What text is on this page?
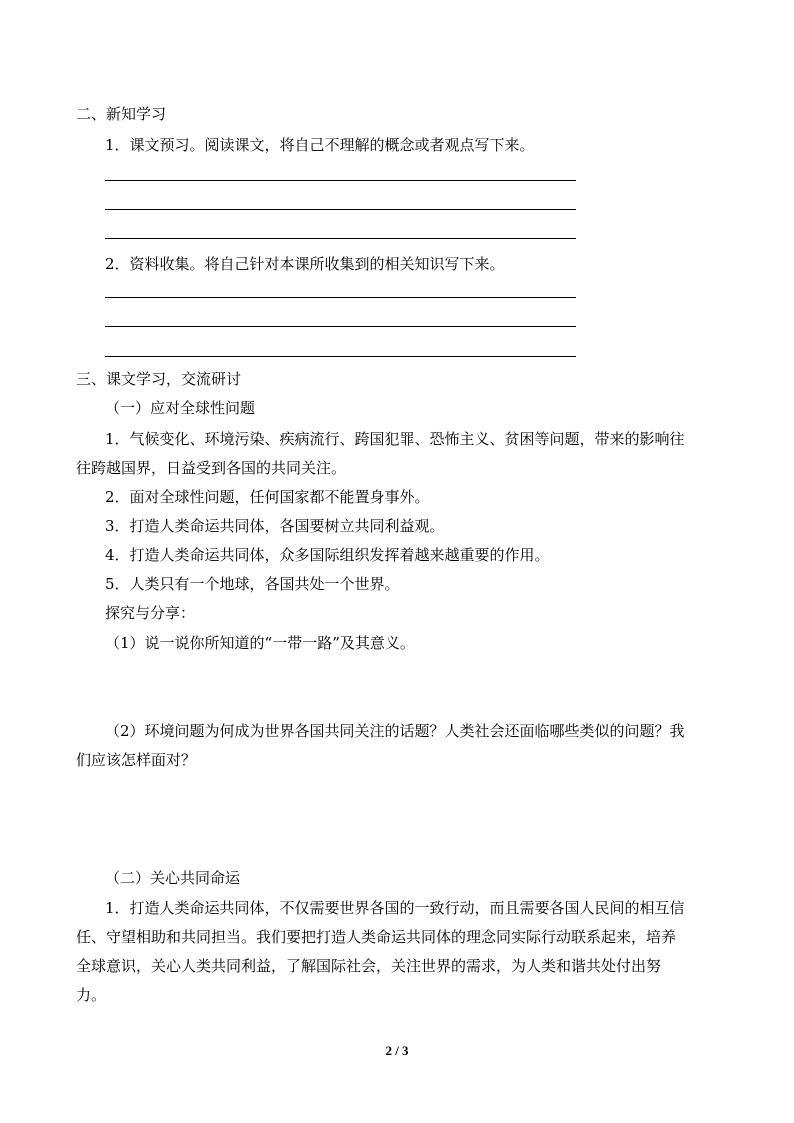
二、新知学习
1．课文预习。阅读课文，将自己不理解的概念或者观点写下来。
2．资料收集。将自己针对本课所收集到的相关知识写下来。
三、课文学习，交流研讨
（一）应对全球性问题
1．气候变化、环境污染、疾病流行、跨国犯罪、恐怖主义、贫困等问题，带来的影响往
往跨越国界，日益受到各国的共同关注。
2．面对全球性问题，任何国家都不能置身事外。
3．打造人类命运共同体，各国要树立共同利益观。
4．打造人类命运共同体，众多国际组织发挥着越来越重要的作用。
5．人类只有一个地球，各国共处一个世界。
探究与分享：
（1）说一说你所知道的“一带一路”及其意义。
（2）环境问题为何成为世界各国共同关注的话题？人类社会还面临哪些类似的问题？我
们应该怎样面对？
（二）关心共同命运
1．打造人类命运共同体，不仅需要世界各国的一致行动，而且需要各国人民间的相互信
任、守望相助和共同担当。我们要把打造人类命运共同体的理念同实际行动联系起来，培养
全球意识，关心人类共同利益，了解国际社会，关注世界的需求，为人类和谐共处付出努
力。
2 / 3
